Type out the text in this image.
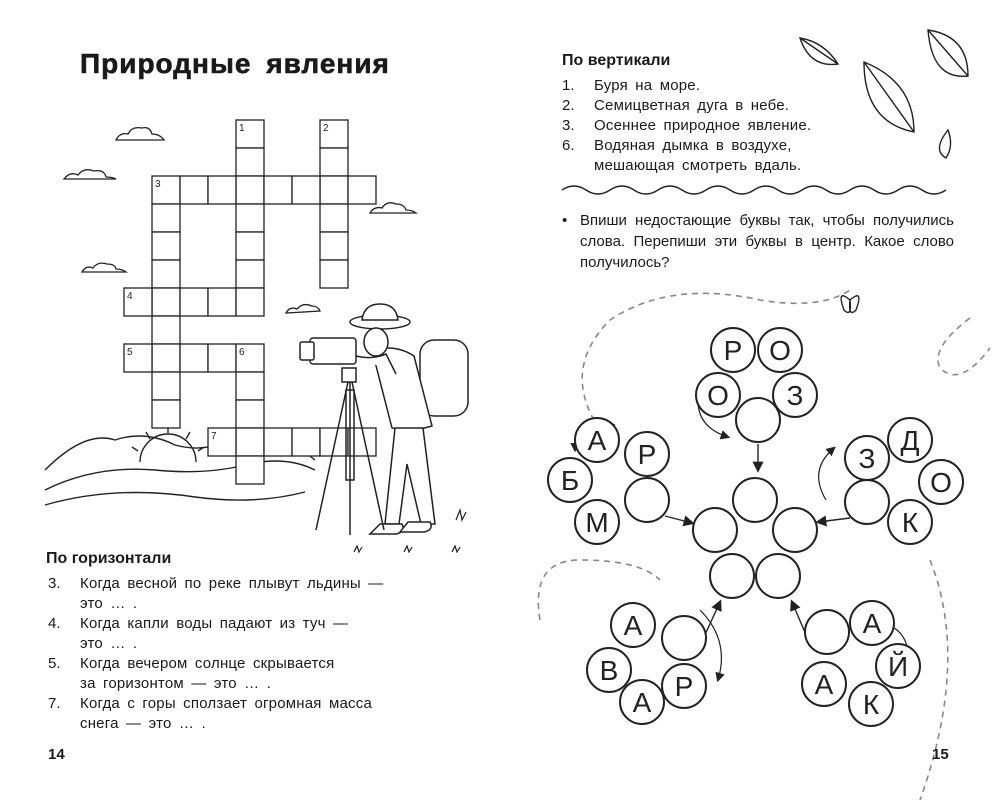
Природные явления
1	2
3
4
5	6
7
По горизонтали
3. Когда весной по реке плывут льдины —
это … .
4. Когда капли воды падают из туч —
это … .
5. Когда вечером солнце скрывается
за горизонтом — это … .
7. Когда с горы сползает огромная масса
снега — это … .
14
По вертикали
1. Буря на море.
2. Семицветная дуга в небе.
3. Осеннее природное явление.
6. Водяная дымка в воздухе,
мешающая смотреть вдаль.
• Впиши недостающие буквы так, чтобы получились слова. Перепиши эти буквы в центр. Какое слово получилось?
Р О
О З
А Р
Б
М
Д
З
О
К
А
В
Р
А
А
Й
А
К
15
